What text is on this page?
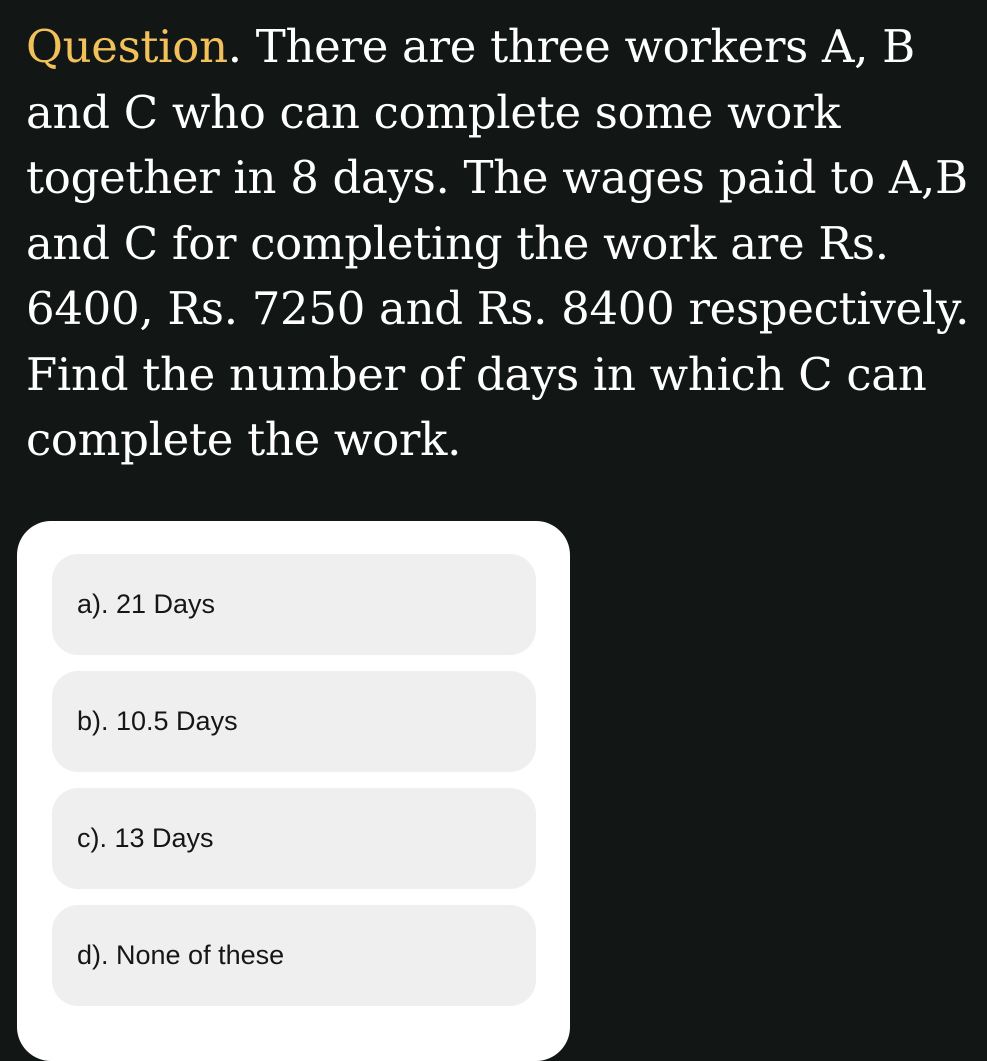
Question. There are three workers A, B and C who can complete some work together in 8 days. The wages paid to A,B and C for completing the work are Rs. 6400, Rs. 7250 and Rs. 8400 respectively. Find the number of days in which C can complete the work.

a). 21 Days
b). 10.5 Days
c). 13 Days
d). None of these
